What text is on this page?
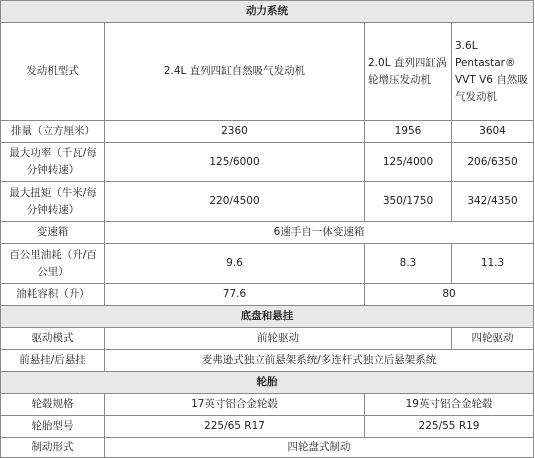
动力系统			
发动机型式	2.4L 直列四缸自然吸气发动机	2.0L 直列四缸涡轮增压发动机	3.6L Pentastar® VVT V6 自然吸气发动机
排量（立方厘米）	2360	1956	3604
最大功率（千瓦/每分钟转速）	125/6000	125/4000	206/6350
最大扭矩（牛米/每分钟转速）	220/4500	350/1750	342/4350
变速箱	6速手自一体变速箱		
百公里油耗（升/百公里）	9.6	8.3	11.3
油耗容积（升）	77.6	80	
底盘和悬挂			
驱动模式	前轮驱动		四轮驱动
前悬挂/后悬挂	麦弗逊式独立前悬架系统/多连杆式独立后悬架系统		
轮胎			
轮毂规格	17英寸铝合金轮毂	19英寸铝合金轮毂	
轮胎型号	225/65 R17	225/55 R19	
制动形式	四轮盘式制动		
